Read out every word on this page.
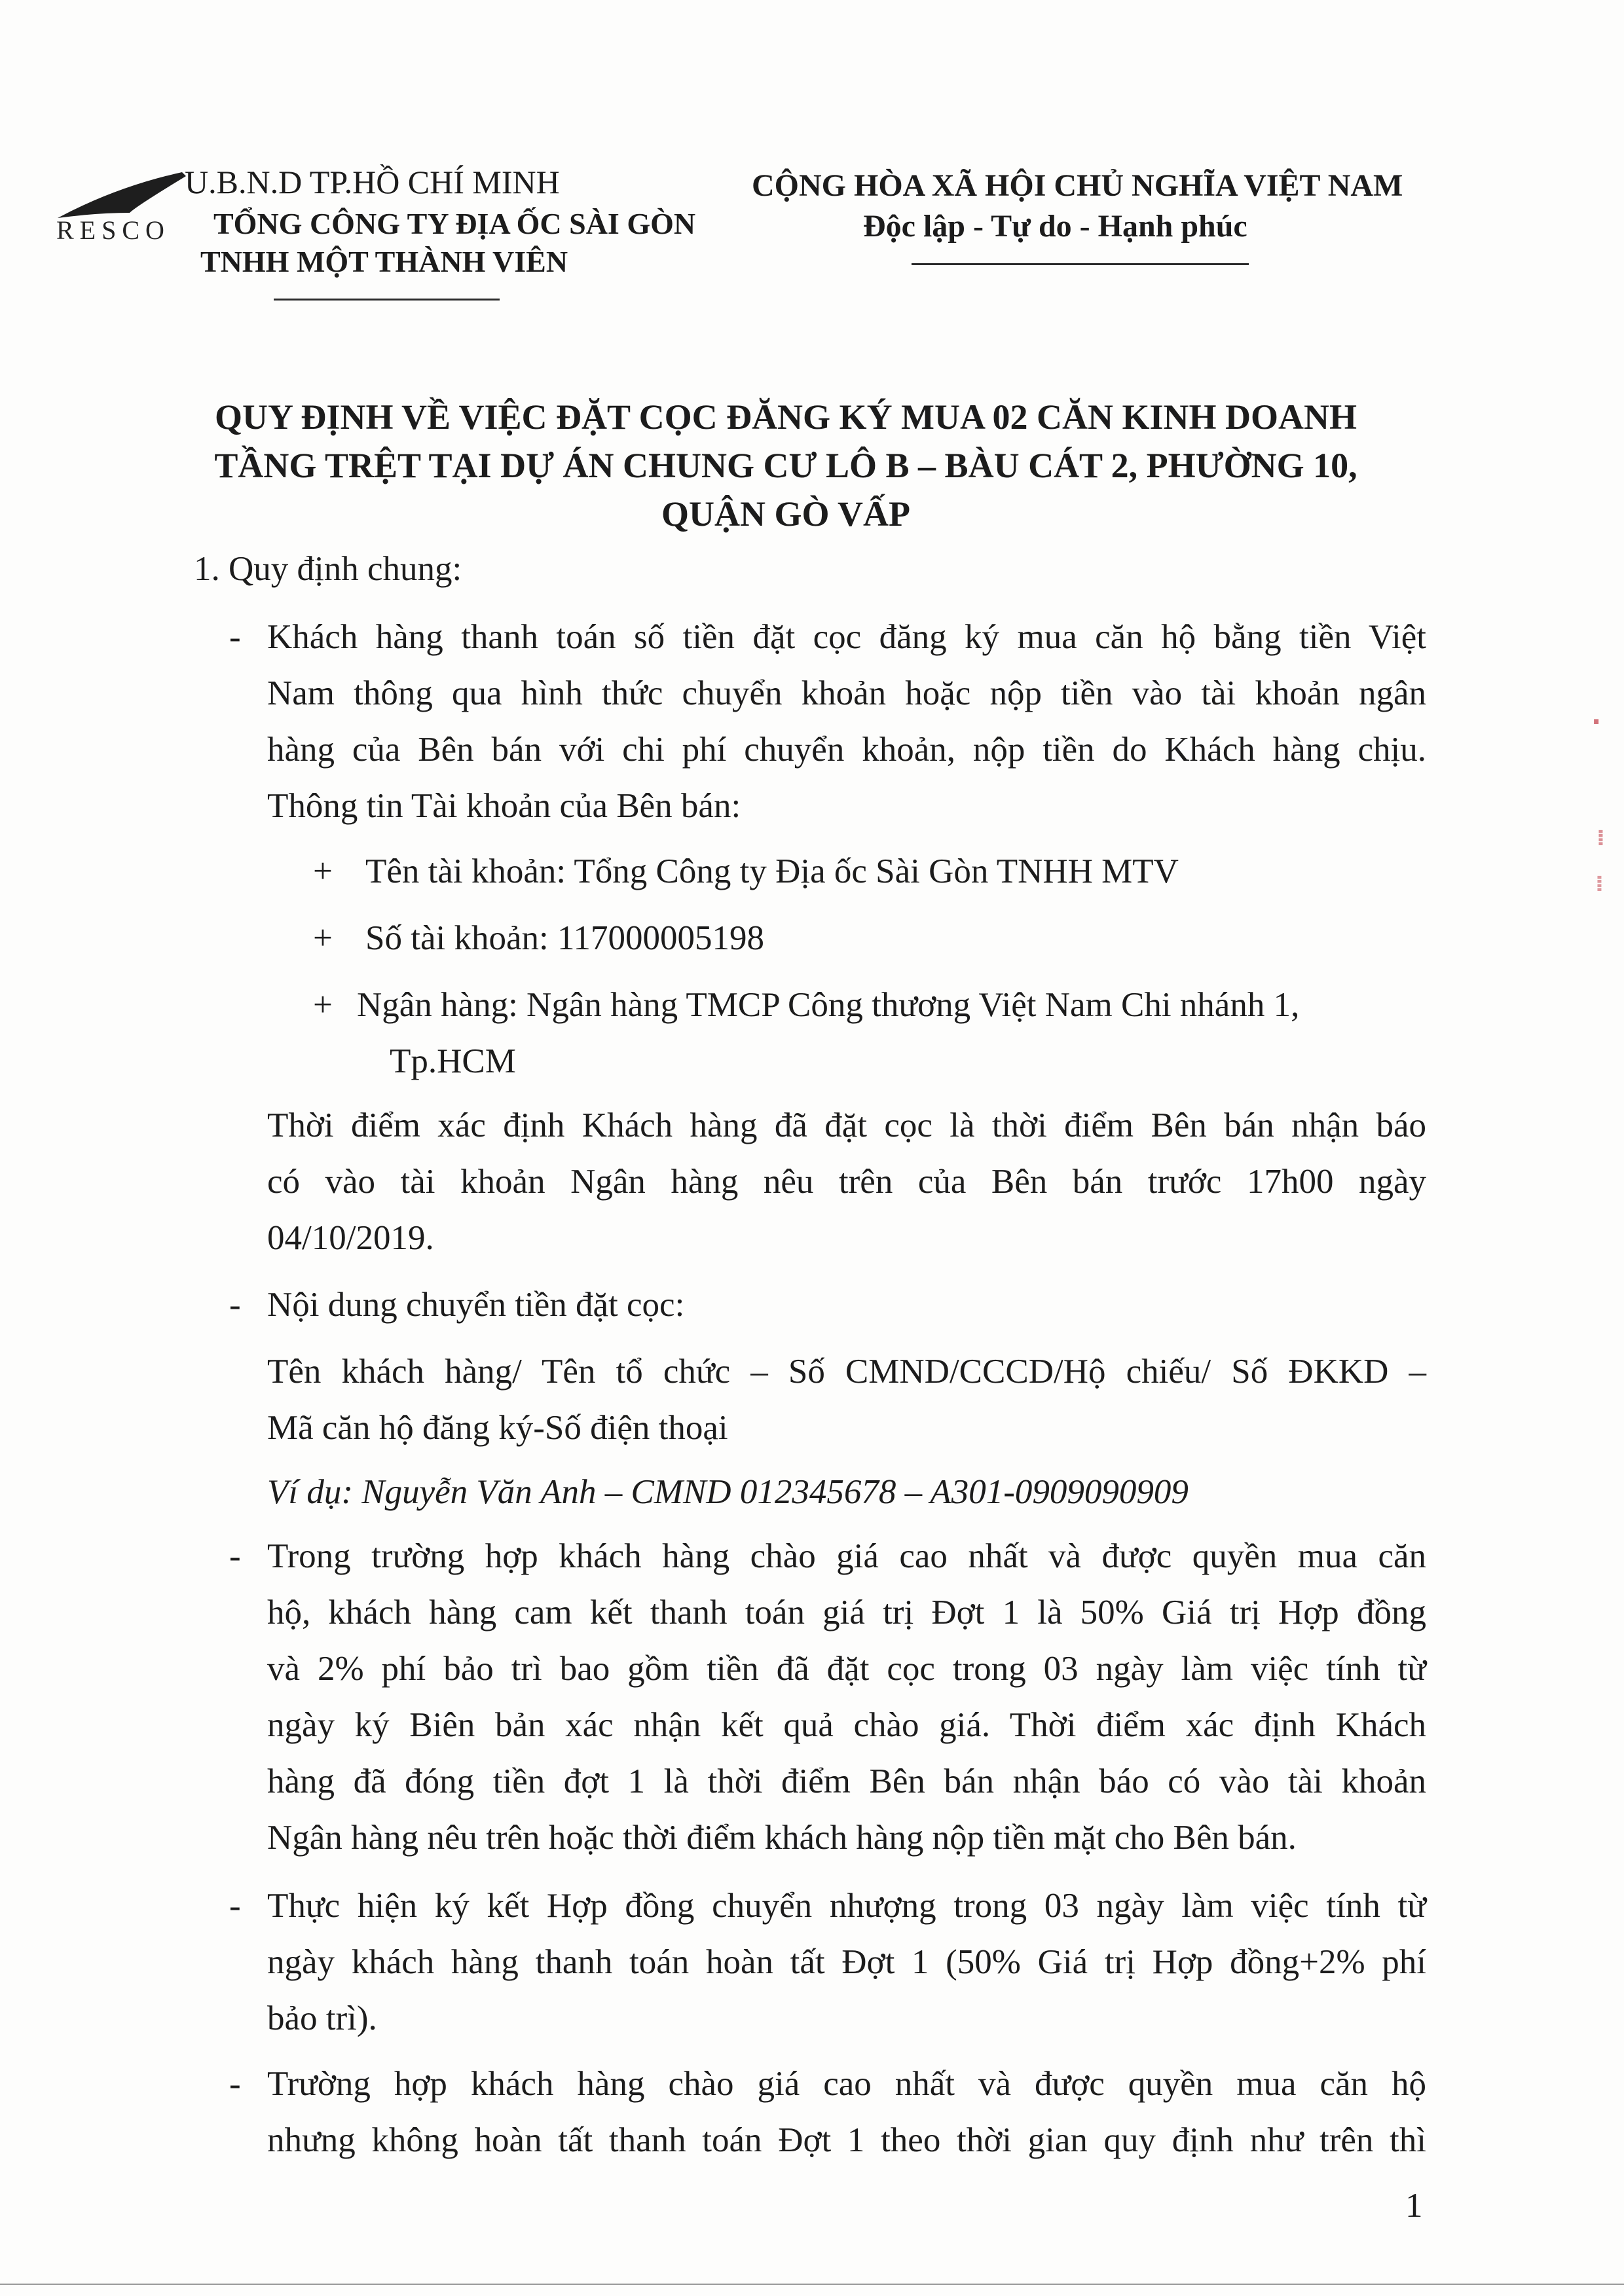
RESCO
U.B.N.D TP.HỒ CHÍ MINH
TỔNG CÔNG TY ĐỊA ỐC SÀI GÒN
TNHH MỘT THÀNH VIÊN
CỘNG HÒA XÃ HỘI CHỦ NGHĨA VIỆT NAM
Độc lập - Tự do - Hạnh phúc
QUY ĐỊNH VỀ VIỆC ĐẶT CỌC ĐĂNG KÝ MUA 02 CĂN KINH DOANH
TẦNG TRỆT TẠI DỰ ÁN CHUNG CƯ LÔ B – BÀU CÁT 2, PHƯỜNG 10,
QUẬN GÒ VẤP
1. Quy định chung:
- Khách hàng thanh toán số tiền đặt cọc đăng ký mua căn hộ bằng tiền Việt
Nam thông qua hình thức chuyển khoản hoặc nộp tiền vào tài khoản ngân
hàng của Bên bán với chi phí chuyển khoản, nộp tiền do Khách hàng chịu.
Thông tin Tài khoản của Bên bán:
+ Tên tài khoản: Tổng Công ty Địa ốc Sài Gòn TNHH MTV
+ Số tài khoản: 117000005198
+ Ngân hàng: Ngân hàng TMCP Công thương Việt Nam Chi nhánh 1,
Tp.HCM
Thời điểm xác định Khách hàng đã đặt cọc là thời điểm Bên bán nhận báo
có vào tài khoản Ngân hàng nêu trên của Bên bán trước 17h00 ngày
04/10/2019.
- Nội dung chuyển tiền đặt cọc:
Tên khách hàng/ Tên tổ chức – Số CMND/CCCD/Hộ chiếu/ Số ĐKKD –
Mã căn hộ đăng ký-Số điện thoại
Ví dụ: Nguyễn Văn Anh – CMND 012345678 – A301-0909090909
- Trong trường hợp khách hàng chào giá cao nhất và được quyền mua căn
hộ, khách hàng cam kết thanh toán giá trị Đợt 1 là 50% Giá trị Hợp đồng
và 2% phí bảo trì bao gồm tiền đã đặt cọc trong 03 ngày làm việc tính từ
ngày ký Biên bản xác nhận kết quả chào giá. Thời điểm xác định Khách
hàng đã đóng tiền đợt 1 là thời điểm Bên bán nhận báo có vào tài khoản
Ngân hàng nêu trên hoặc thời điểm khách hàng nộp tiền mặt cho Bên bán.
- Thực hiện ký kết Hợp đồng chuyển nhượng trong 03 ngày làm việc tính từ
ngày khách hàng thanh toán hoàn tất Đợt 1 (50% Giá trị Hợp đồng+2% phí
bảo trì).
- Trường hợp khách hàng chào giá cao nhất và được quyền mua căn hộ
nhưng không hoàn tất thanh toán Đợt 1 theo thời gian quy định như trên thì
1
·
⁞
⁞
